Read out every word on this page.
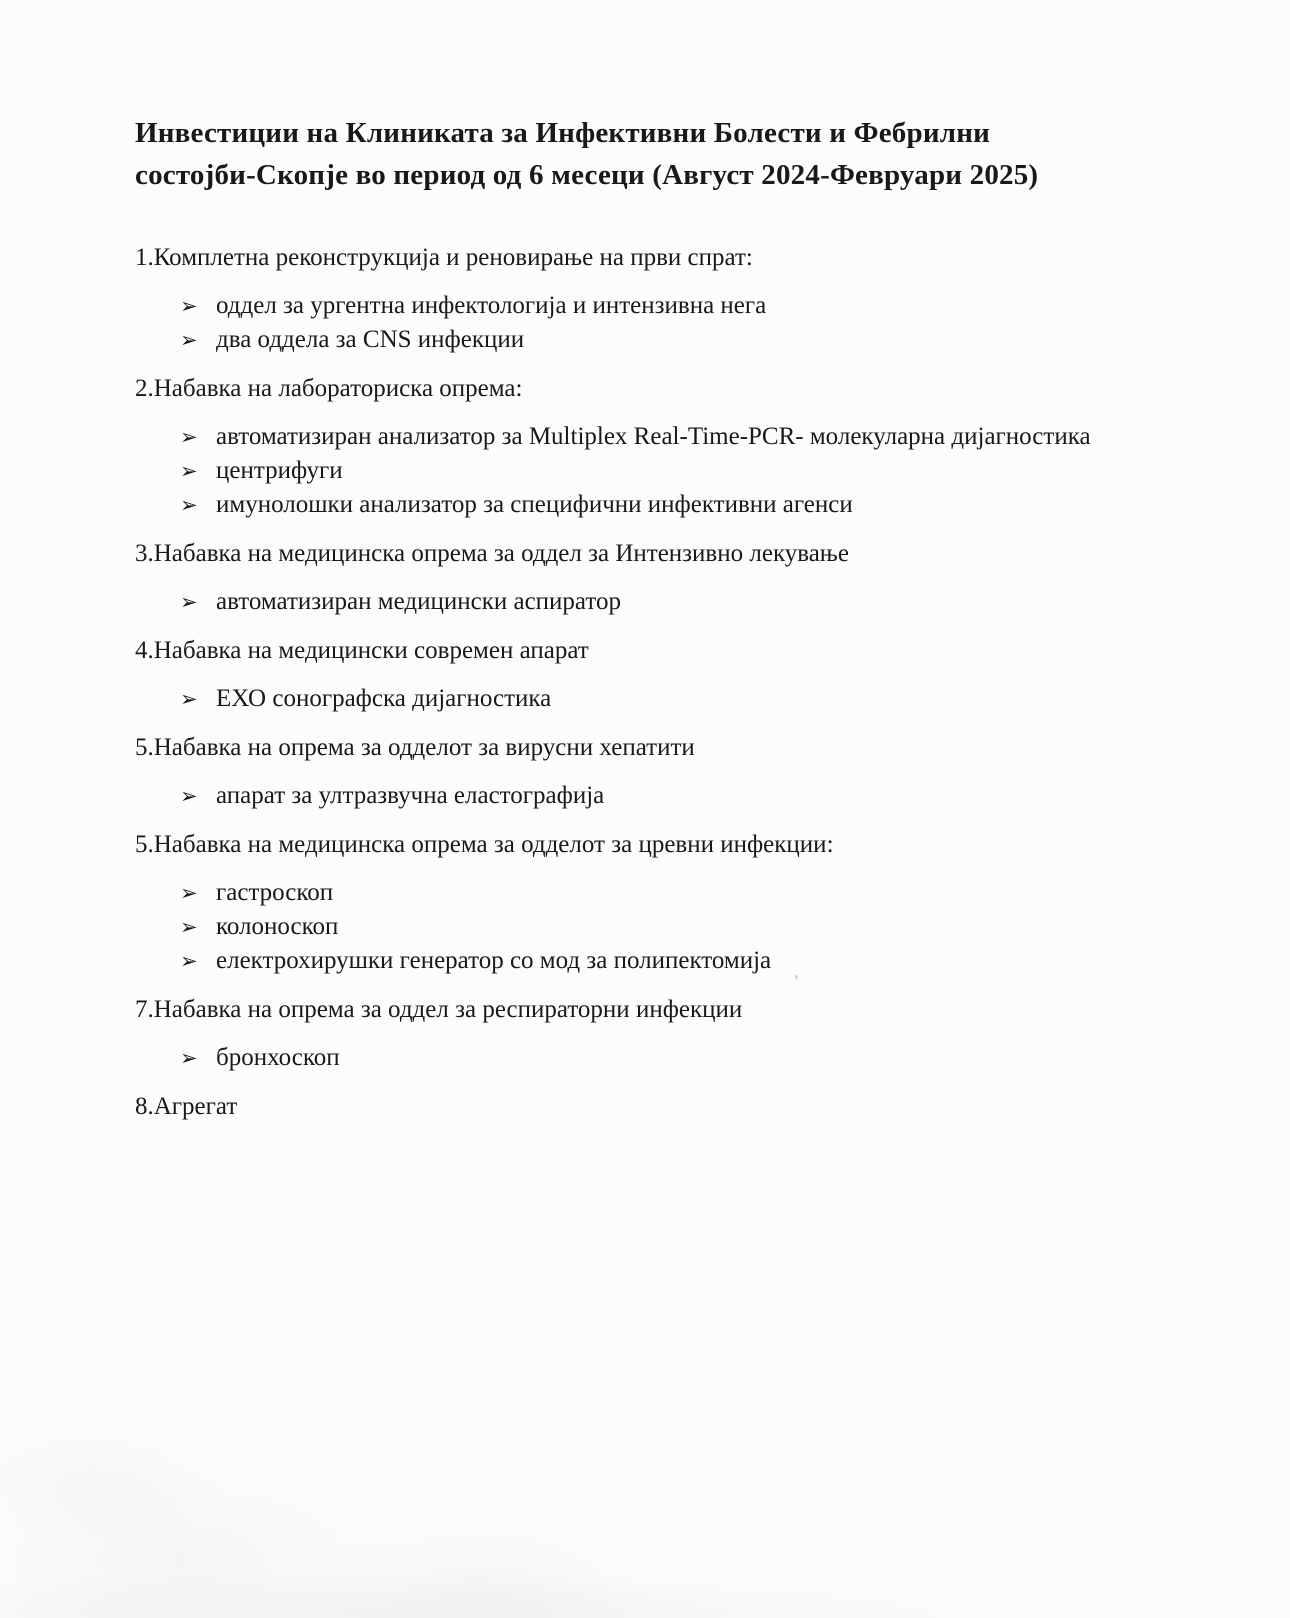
Инвестиции на Клиниката за Инфективни Болести и Фебрилни
состојби-Скопје во период од 6 месеци (Август 2024-Февруари 2025)
1.Комплетна реконструкција и реновирање на први спрат:
➢ оддел за ургентна инфектологија и интензивна нега
➢ два оддела за CNS инфекции
2.Набавка на лабораториска опрема:
➢ автоматизиран анализатор за Multiplex Real-Time-PCR- молекуларна дијагностика
➢ центрифуги
➢ имунолошки анализатор за специфични инфективни агенси
3.Набавка на медицинска опрема за оддел за Интензивно лекување
➢ автоматизиран медицински аспиратор
4.Набавка на медицински современ апарат
➢ ЕХО сонографска дијагностика
5.Набавка на опрема за одделот за вирусни хепатити
➢ апарат за ултразвучна еластографија
5.Набавка на медицинска опрема за одделот за цревни инфекции:
➢ гастроскоп
➢ колоноскоп
➢ електрохирушки генератор со мод за полипектомија
7.Набавка на опрема за оддел за респираторни инфекции
➢ бронхоскоп
8.Агрегат
